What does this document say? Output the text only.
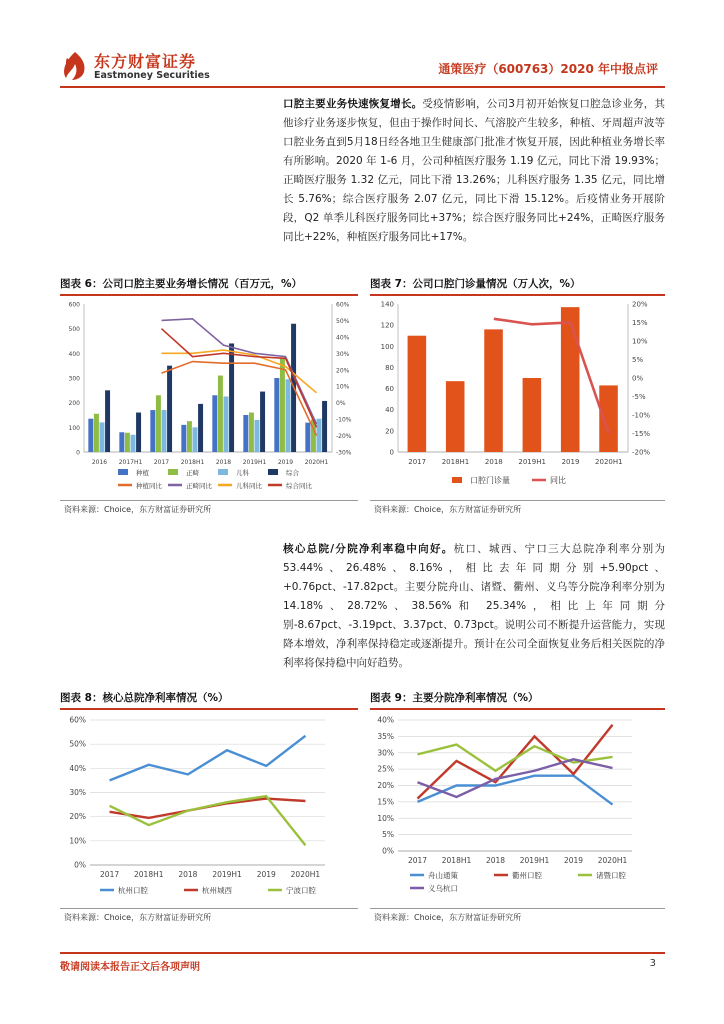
东方财富证券
Eastmoney Securities	通策医疗（600763）2020 年中报点评
口腔主要业务快速恢复增长。受疫情影响，公司3月初开始恢复口腔急诊业务，其他诊疗业务逐步恢复，但由于操作时间长、气溶胶产生较多，种植、牙周超声波等口腔业务直到5月18日经各地卫生健康部门批准才恢复开展，因此种植业务增长率有所影响。2020 年 1-6 月，公司种植医疗服务 1.19 亿元，同比下滑 19.93%；正畸医疗服务 1.32 亿元，同比下滑 13.26%；儿科医疗服务 1.35 亿元，同比增长 5.76%；综合医疗服务 2.07 亿元，同比下滑 15.12%。后疫情业务开展阶段，Q2 单季儿科医疗服务同比+37%；综合医疗服务同比+24%，正畸医疗服务同比+22%，种植医疗服务同比+17%。
图表 6：公司口腔主要业务增长情况（百万元，%）
0
100
200
300
400
500
600
-30%
-20%
-10%
0%
10%
20%
30%
40%
50%
60%
2016 2017H1 2017 2018H1 2018 2019H1 2019 2020H1
种植	正畸	儿科	综合
种植同比	正畸同比	儿科同比	综合同比
资料来源：Choice，东方财富证券研究所
图表 7：公司口腔门诊量情况（万人次，%）
0
20
40
60
80
100
120
140
-20%
-15%
-10%
-5%
0%
5%
10%
15%
20%
2017 2018H1 2018 2019H1 2019 2020H1
口腔门诊量	同比
资料来源：Choice，东方财富证券研究所
核心总院/分院净利率稳中向好。杭口、城西、宁口三大总院净利率分别为 53.44%、26.48%、8.16%，相比去年同期分别+5.90pct、+0.76pct、-17.82pct。主要分院舟山、诸暨、衢州、义乌等分院净利率分别为 14.18%、28.72%、38.56%和 25.34%，相比上年同期分别-8.67pct、-3.19pct、3.37pct、0.73pct。说明公司不断提升运营能力，实现降本增效，净利率保持稳定或逐渐提升。预计在公司全面恢复业务后相关医院的净利率将保持稳中向好趋势。
图表 8：核心总院净利率情况（%）
0%
10%
20%
30%
40%
50%
60%
2017 2018H1 2018 2019H1 2019 2020H1
杭州口腔	杭州城西	宁波口腔
资料来源：Choice，东方财富证券研究所
图表 9：主要分院净利率情况（%）
0%
5%
10%
15%
20%
25%
30%
35%
40%
2017 2018H1 2018 2019H1 2019 2020H1
舟山通策	衢州口腔	诸暨口腔
义乌杭口
资料来源：Choice，东方财富证券研究所
敬请阅读本报告正文后各项声明	3
